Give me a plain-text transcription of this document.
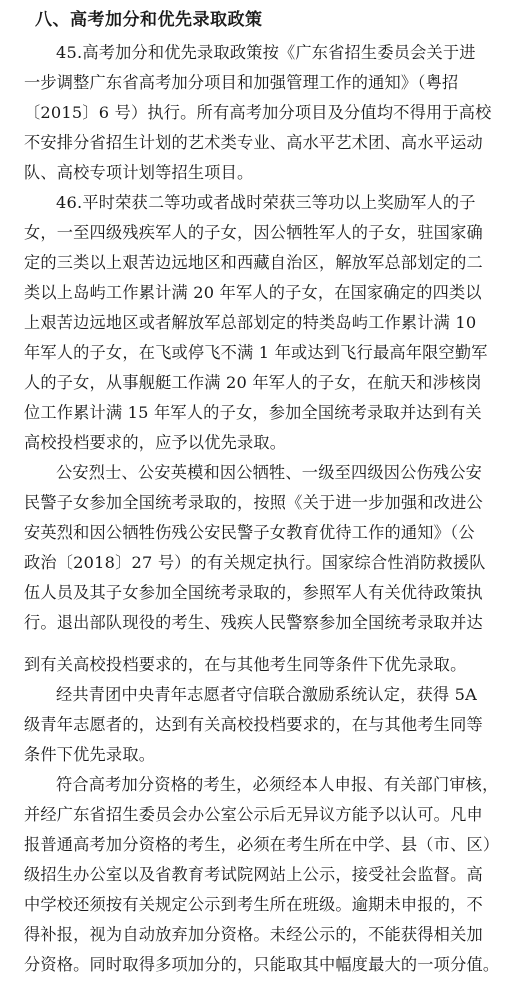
八、高考加分和优先录取政策
45.高考加分和优先录取政策按《广东省招生委员会关于进
一步调整广东省高考加分项目和加强管理工作的通知》（粤招
〔2015〕6 号）执行。所有高考加分项目及分值均不得用于高校
不安排分省招生计划的艺术类专业、高水平艺术团、高水平运动
队、高校专项计划等招生项目。
46.平时荣获二等功或者战时荣获三等功以上奖励军人的子
女，一至四级残疾军人的子女，因公牺牲军人的子女，驻国家确
定的三类以上艰苦边远地区和西藏自治区，解放军总部划定的二
类以上岛屿工作累计满 20 年军人的子女，在国家确定的四类以
上艰苦边远地区或者解放军总部划定的特类岛屿工作累计满 10
年军人的子女，在飞或停飞不满 1 年或达到飞行最高年限空勤军
人的子女，从事舰艇工作满 20 年军人的子女，在航天和涉核岗
位工作累计满 15 年军人的子女，参加全国统考录取并达到有关
高校投档要求的，应予以优先录取。
公安烈士、公安英模和因公牺牲、一级至四级因公伤残公安
民警子女参加全国统考录取的，按照《关于进一步加强和改进公
安英烈和因公牺牲伤残公安民警子女教育优待工作的通知》（公
政治〔2018〕27 号）的有关规定执行。国家综合性消防救援队
伍人员及其子女参加全国统考录取的，参照军人有关优待政策执
行。退出部队现役的考生、残疾人民警察参加全国统考录取并达
到有关高校投档要求的，在与其他考生同等条件下优先录取。
经共青团中央青年志愿者守信联合激励系统认定，获得 5A
级青年志愿者的，达到有关高校投档要求的，在与其他考生同等
条件下优先录取。
符合高考加分资格的考生，必须经本人申报、有关部门审核，
并经广东省招生委员会办公室公示后无异议方能予以认可。凡申
报普通高考加分资格的考生，必须在考生所在中学、县（市、区）
级招生办公室以及省教育考试院网站上公示，接受社会监督。高
中学校还须按有关规定公示到考生所在班级。逾期未申报的，不
得补报，视为自动放弃加分资格。未经公示的，不能获得相关加
分资格。同时取得多项加分的，只能取其中幅度最大的一项分值。
